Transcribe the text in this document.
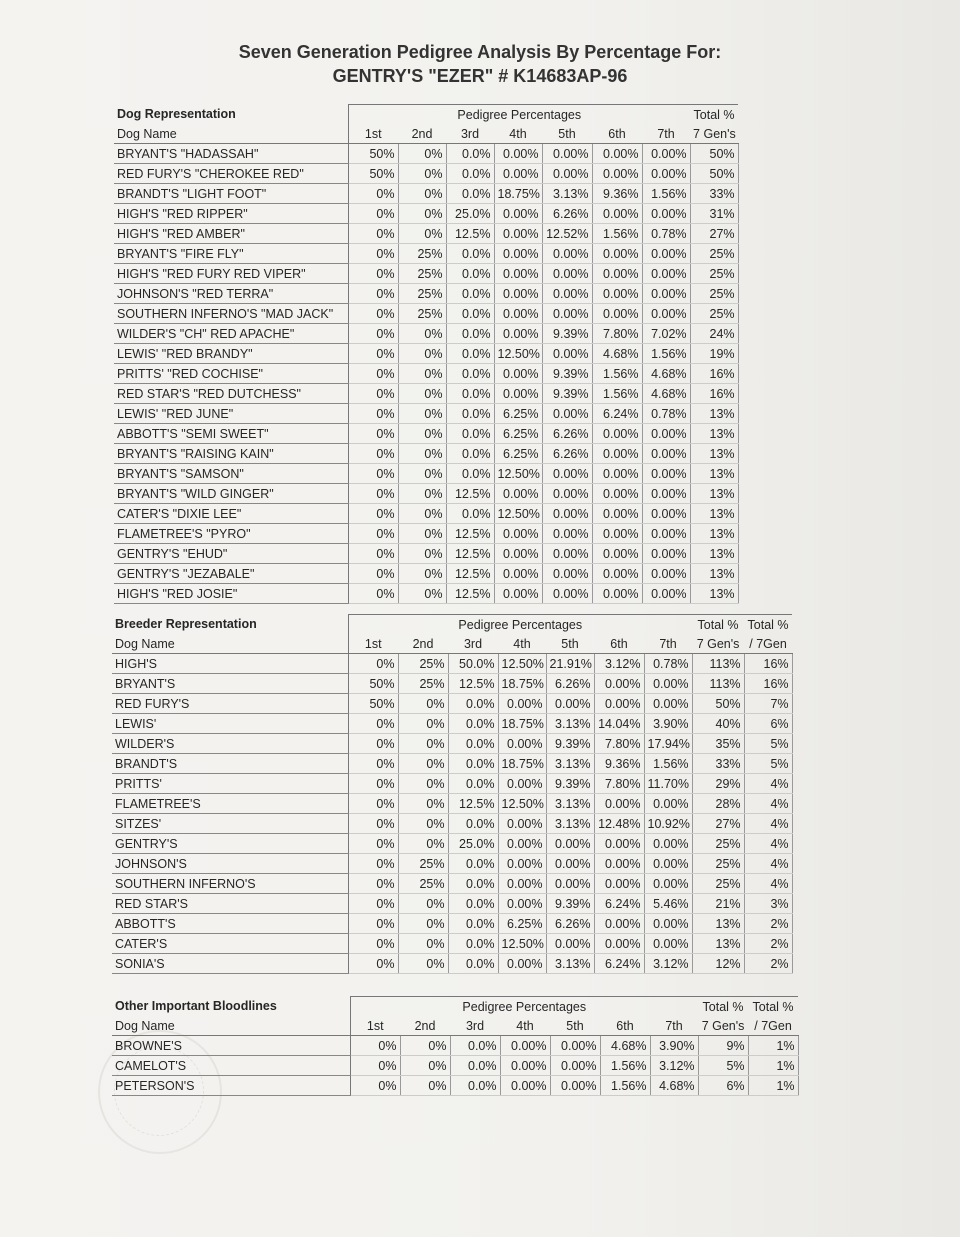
Seven Generation Pedigree Analysis By Percentage For:
GENTRY'S "EZER" # K14683AP-96
Dog Representation	Pedigree Percentages							Total %
Dog Name	1st	2nd	3rd	4th	5th	6th	7th	7 Gen's
BRYANT'S "HADASSAH"	50%	0%	0.0%	0.00%	0.00%	0.00%	0.00%	50%
RED FURY'S "CHEROKEE RED"	50%	0%	0.0%	0.00%	0.00%	0.00%	0.00%	50%
BRANDT'S "LIGHT FOOT"	0%	0%	0.0%	18.75%	3.13%	9.36%	1.56%	33%
HIGH'S "RED RIPPER"	0%	0%	25.0%	0.00%	6.26%	0.00%	0.00%	31%
HIGH'S "RED AMBER"	0%	0%	12.5%	0.00%	12.52%	1.56%	0.78%	27%
BRYANT'S "FIRE FLY"	0%	25%	0.0%	0.00%	0.00%	0.00%	0.00%	25%
HIGH'S "RED FURY RED VIPER"	0%	25%	0.0%	0.00%	0.00%	0.00%	0.00%	25%
JOHNSON'S "RED TERRA"	0%	25%	0.0%	0.00%	0.00%	0.00%	0.00%	25%
SOUTHERN INFERNO'S "MAD JACK"	0%	25%	0.0%	0.00%	0.00%	0.00%	0.00%	25%
WILDER'S "CH" RED APACHE"	0%	0%	0.0%	0.00%	9.39%	7.80%	7.02%	24%
LEWIS' "RED BRANDY"	0%	0%	0.0%	12.50%	0.00%	4.68%	1.56%	19%
PRITTS' "RED COCHISE"	0%	0%	0.0%	0.00%	9.39%	1.56%	4.68%	16%
RED STAR'S "RED DUTCHESS"	0%	0%	0.0%	0.00%	9.39%	1.56%	4.68%	16%
LEWIS' "RED JUNE"	0%	0%	0.0%	6.25%	0.00%	6.24%	0.78%	13%
ABBOTT'S "SEMI SWEET"	0%	0%	0.0%	6.25%	6.26%	0.00%	0.00%	13%
BRYANT'S "RAISING KAIN"	0%	0%	0.0%	6.25%	6.26%	0.00%	0.00%	13%
BRYANT'S "SAMSON"	0%	0%	0.0%	12.50%	0.00%	0.00%	0.00%	13%
BRYANT'S "WILD GINGER"	0%	0%	12.5%	0.00%	0.00%	0.00%	0.00%	13%
CATER'S "DIXIE LEE"	0%	0%	0.0%	12.50%	0.00%	0.00%	0.00%	13%
FLAMETREE'S "PYRO"	0%	0%	12.5%	0.00%	0.00%	0.00%	0.00%	13%
GENTRY'S "EHUD"	0%	0%	12.5%	0.00%	0.00%	0.00%	0.00%	13%
GENTRY'S "JEZABALE"	0%	0%	12.5%	0.00%	0.00%	0.00%	0.00%	13%
HIGH'S "RED JOSIE"	0%	0%	12.5%	0.00%	0.00%	0.00%	0.00%	13%
Breeder Representation	Pedigree Percentages							Total %	Total %
Dog Name	1st	2nd	3rd	4th	5th	6th	7th	7 Gen's	/ 7Gen
HIGH'S	0%	25%	50.0%	12.50%	21.91%	3.12%	0.78%	113%	16%
BRYANT'S	50%	25%	12.5%	18.75%	6.26%	0.00%	0.00%	113%	16%
RED FURY'S	50%	0%	0.0%	0.00%	0.00%	0.00%	0.00%	50%	7%
LEWIS'	0%	0%	0.0%	18.75%	3.13%	14.04%	3.90%	40%	6%
WILDER'S	0%	0%	0.0%	0.00%	9.39%	7.80%	17.94%	35%	5%
BRANDT'S	0%	0%	0.0%	18.75%	3.13%	9.36%	1.56%	33%	5%
PRITTS'	0%	0%	0.0%	0.00%	9.39%	7.80%	11.70%	29%	4%
FLAMETREE'S	0%	0%	12.5%	12.50%	3.13%	0.00%	0.00%	28%	4%
SITZES'	0%	0%	0.0%	0.00%	3.13%	12.48%	10.92%	27%	4%
GENTRY'S	0%	0%	25.0%	0.00%	0.00%	0.00%	0.00%	25%	4%
JOHNSON'S	0%	25%	0.0%	0.00%	0.00%	0.00%	0.00%	25%	4%
SOUTHERN INFERNO'S	0%	25%	0.0%	0.00%	0.00%	0.00%	0.00%	25%	4%
RED STAR'S	0%	0%	0.0%	0.00%	9.39%	6.24%	5.46%	21%	3%
ABBOTT'S	0%	0%	0.0%	6.25%	6.26%	0.00%	0.00%	13%	2%
CATER'S	0%	0%	0.0%	12.50%	0.00%	0.00%	0.00%	13%	2%
SONIA'S	0%	0%	0.0%	0.00%	3.13%	6.24%	3.12%	12%	2%
Other Important Bloodlines	Pedigree Percentages							Total %	Total %
Dog Name	1st	2nd	3rd	4th	5th	6th	7th	7 Gen's	/ 7Gen
BROWNE'S	0%	0%	0.0%	0.00%	0.00%	4.68%	3.90%	9%	1%
CAMELOT'S	0%	0%	0.0%	0.00%	0.00%	1.56%	3.12%	5%	1%
PETERSON'S	0%	0%	0.0%	0.00%	0.00%	1.56%	4.68%	6%	1%
